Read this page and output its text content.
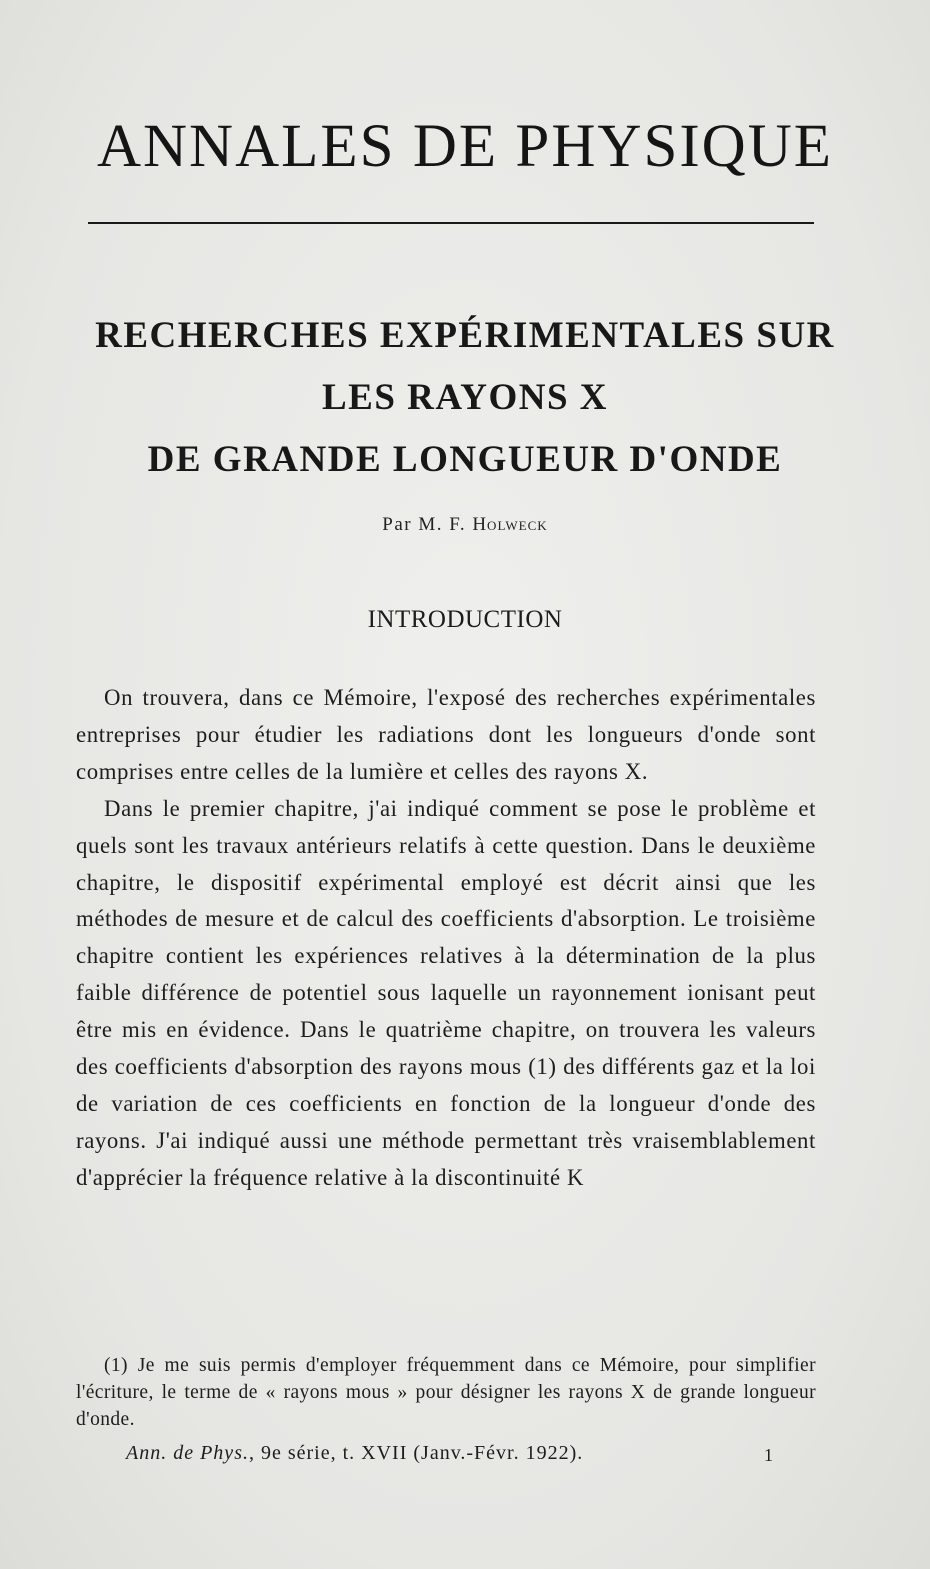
ANNALES DE PHYSIQUE
RECHERCHES EXPÉRIMENTALES SUR
LES RAYONS X
DE GRANDE LONGUEUR D'ONDE
Par M. F. Holweck
INTRODUCTION

On trouvera, dans ce Mémoire, l'exposé des recherches expérimentales entreprises pour étudier les radiations dont les longueurs d'onde sont comprises entre celles de la lumière et celles des rayons X.

Dans le premier chapitre, j'ai indiqué comment se pose le problème et quels sont les travaux antérieurs relatifs à cette question. Dans le deuxième chapitre, le dispositif expérimental employé est décrit ainsi que les méthodes de mesure et de calcul des coefficients d'absorption. Le troisième chapitre contient les expériences relatives à la détermination de la plus faible différence de potentiel sous laquelle un rayonnement ionisant peut être mis en évidence. Dans le quatrième chapitre, on trouvera les valeurs des coefficients d'absorption des rayons mous (1) des différents gaz et la loi de variation de ces coefficients en fonction de la longueur d'onde des rayons. J'ai indiqué aussi une méthode permettant très vraisemblablement d'apprécier la fréquence relative à la discontinuité K

(1) Je me suis permis d'employer fréquemment dans ce Mémoire, pour simplifier l'écriture, le terme de « rayons mous » pour désigner les rayons X de grande longueur d'onde.

Ann. de Phys., 9e série, t. XVII (Janv.-Févr. 1922).	1
